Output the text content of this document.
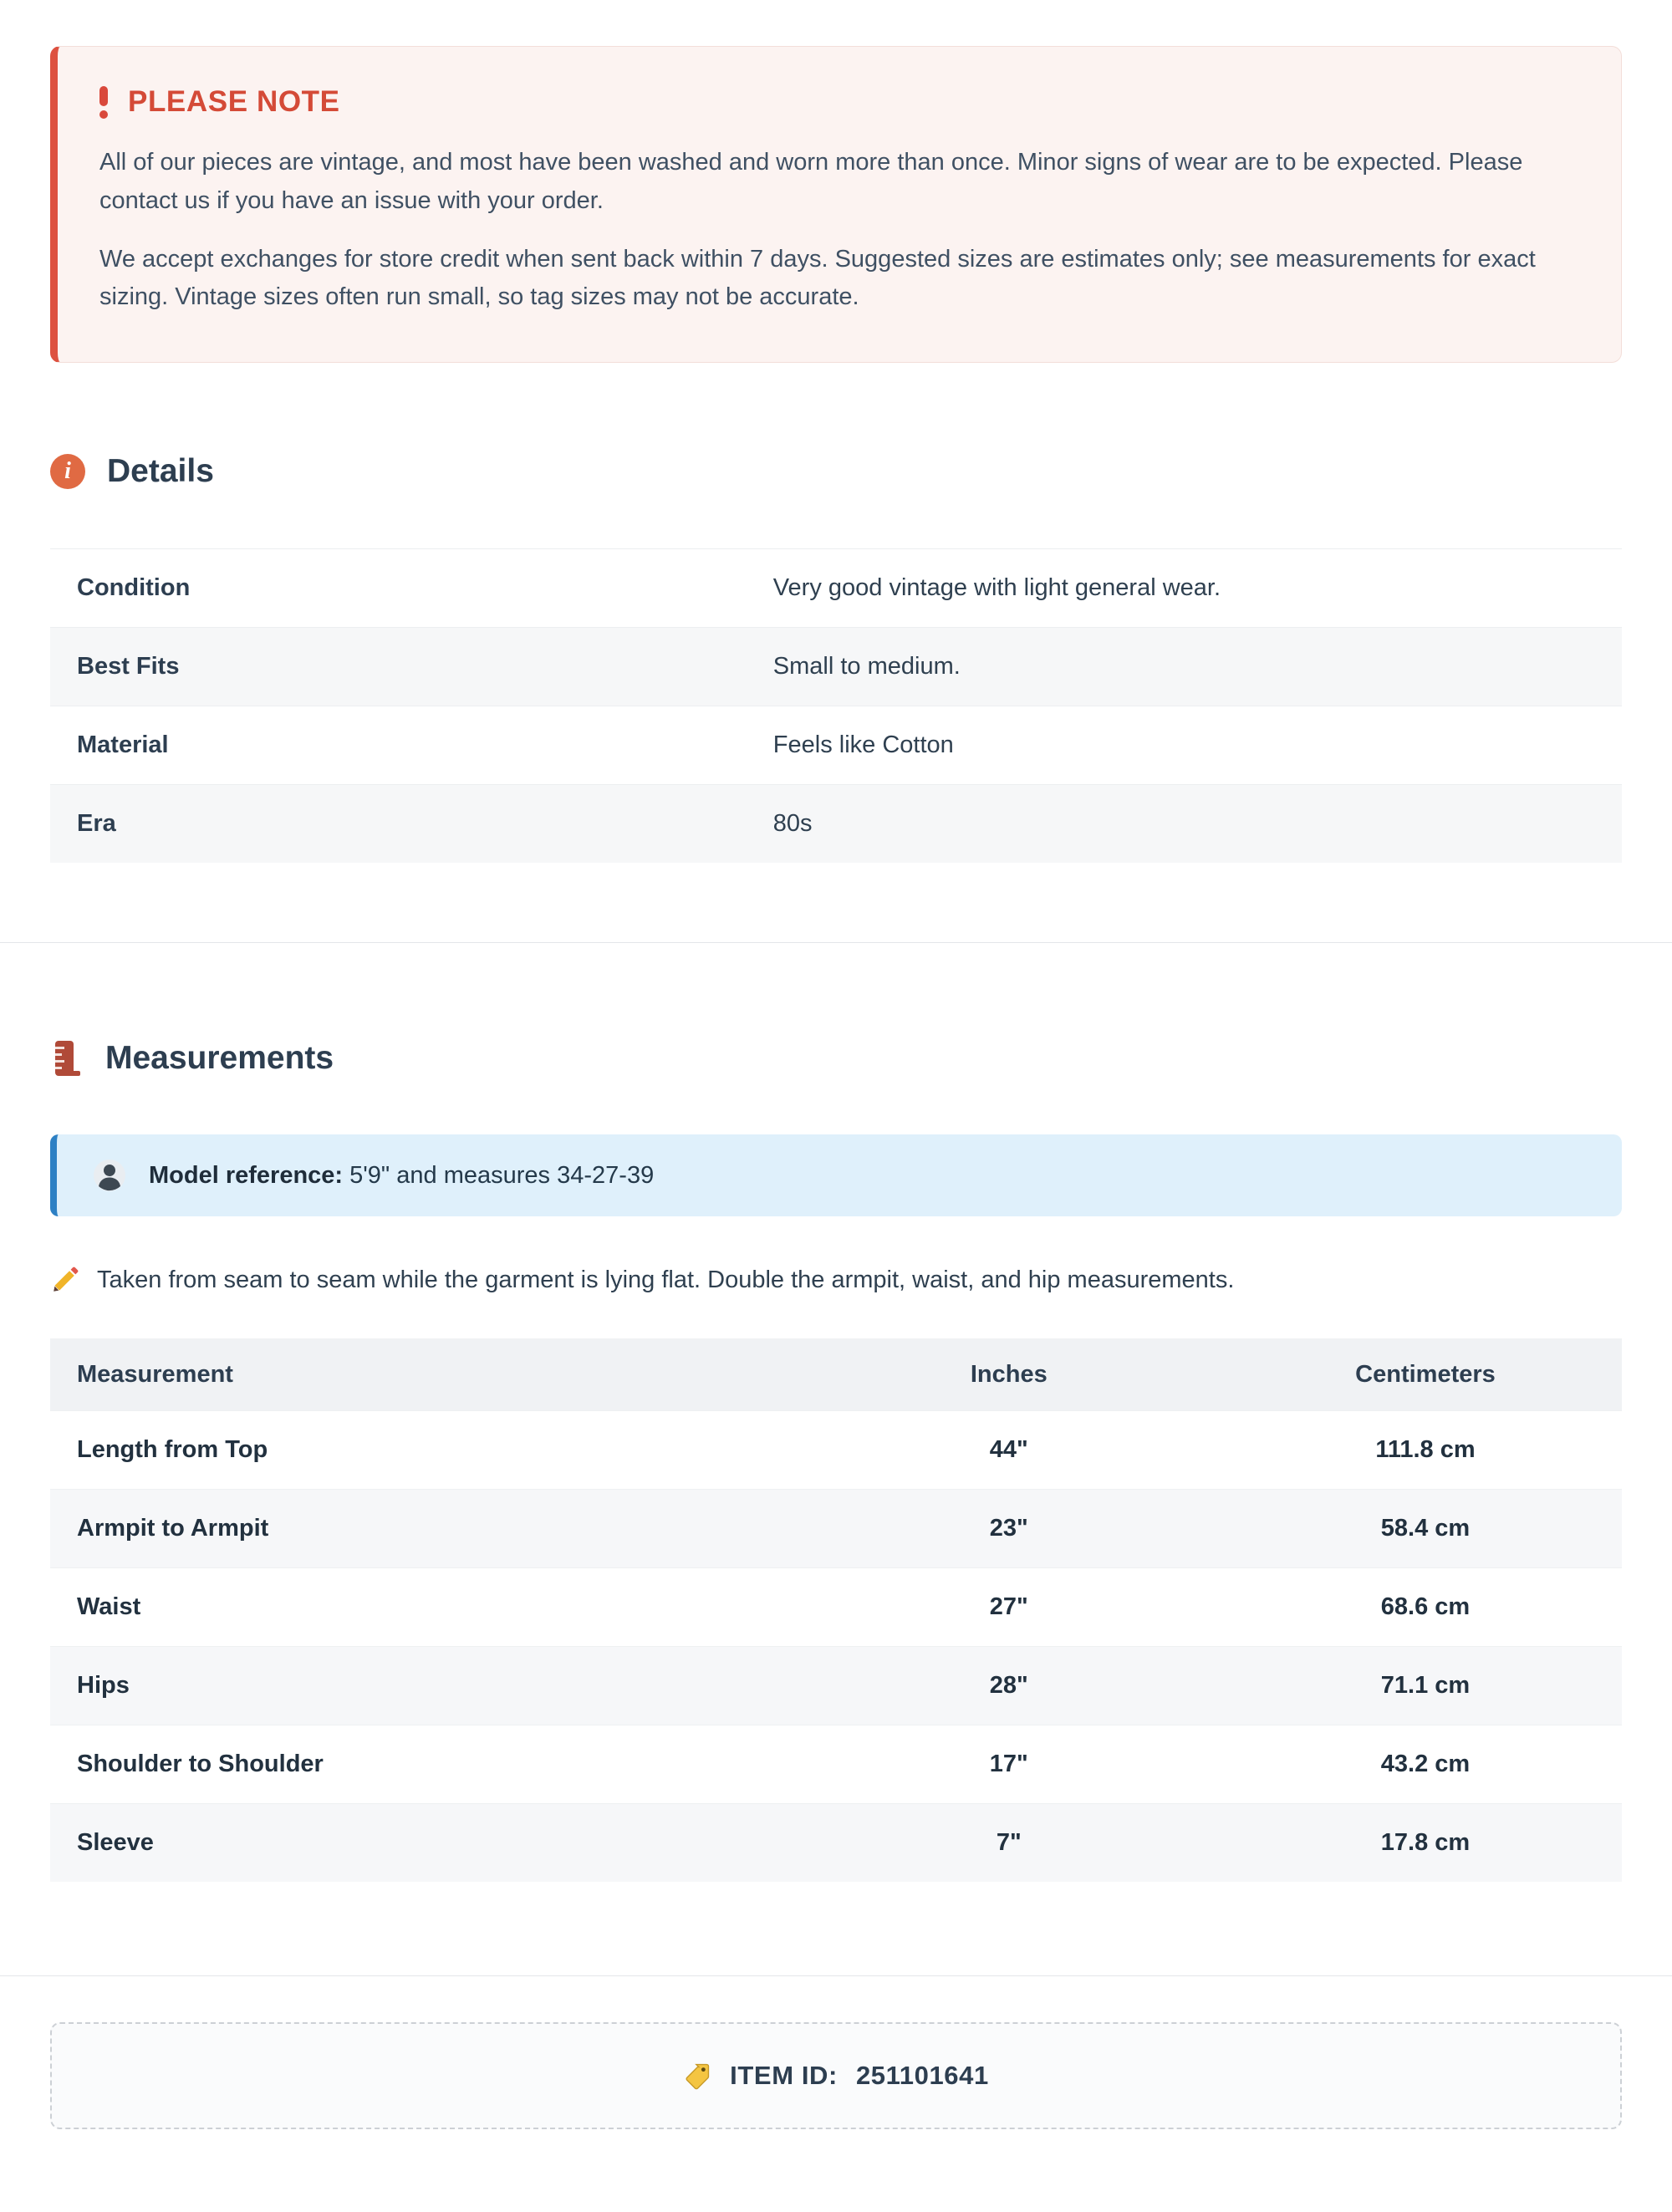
PLEASE NOTE

All of our pieces are vintage, and most have been washed and worn more than once. Minor signs of wear are to be expected. Please contact us if you have an issue with your order.

We accept exchanges for store credit when sent back within 7 days. Suggested sizes are estimates only; see measurements for exact sizing. Vintage sizes often run small, so tag sizes may not be accurate.

i	Details
Condition	Very good vintage with light general wear.
Best Fits	Small to medium.
Material	Feels like Cotton
Era	80s
Measurements
Model reference: 5'9" and measures 34-27-39
Taken from seam to seam while the garment is lying flat. Double the armpit, waist, and hip measurements.
Measurement	Inches	Centimeters
Length from Top	44"	111.8 cm
Armpit to Armpit	23"	58.4 cm
Waist	27"	68.6 cm
Hips	28"	71.1 cm
Shoulder to Shoulder	17"	43.2 cm
Sleeve	7"	17.8 cm
ITEM ID: 251101641
